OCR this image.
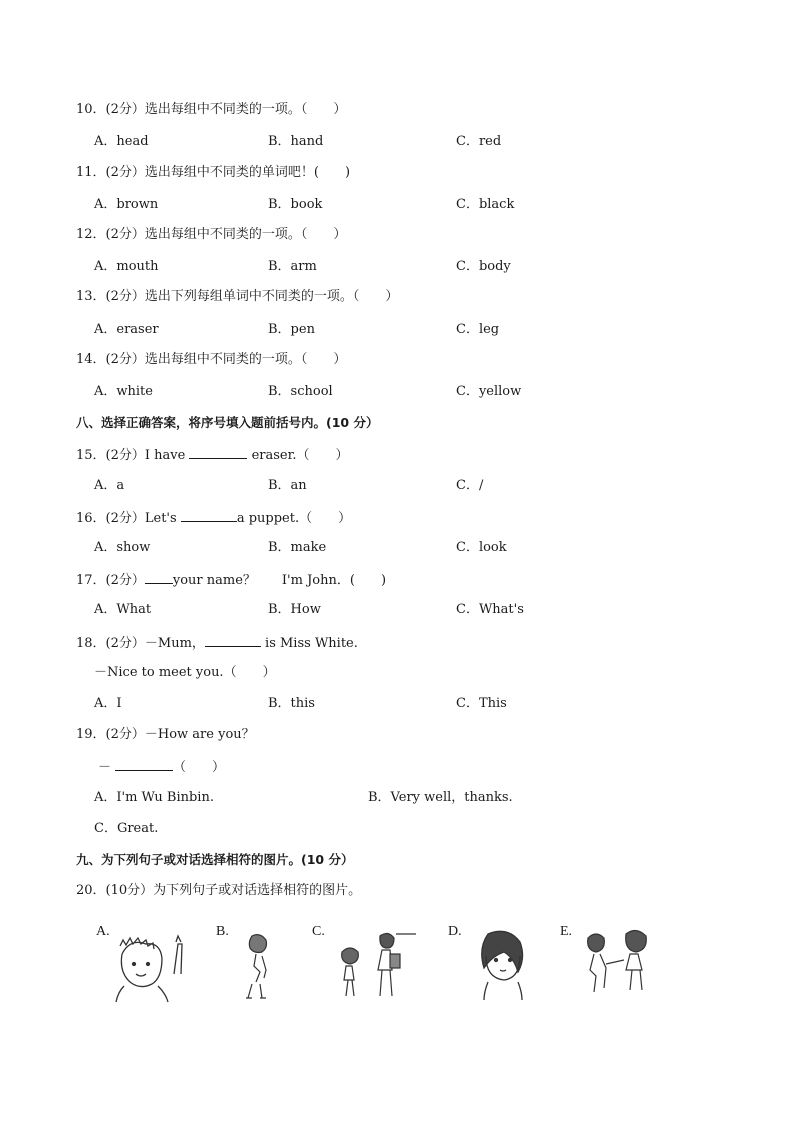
10．(2分）选出每组中不同类的一项。（　　）
A．head	B．hand	C．red
11．(2分）选出每组中不同类的单词吧！(　　)
A．brown	B．book	C．black
12．(2分）选出每组中不同类的一项。（　　）
A．mouth	B．arm	C．body
13．(2分）选出下列每组单词中不同类的一项。（　　）
A．eraser	B．pen	C．leg
14．(2分）选出每组中不同类的一项。（　　）
A．white	B．school	C．yellow
八、选择正确答案，将序号填入题前括号内。(10 分）
15．(2分）I have	eraser.（　　）
A．a	B．an	C．/
16．(2分）Let's	a puppet.（　　）
A．show	B．make	C．look
17．(2分） your name？　　I'm John．(　　)
A．What	B．How	C．What's
18．(2分）－Mum，	is Miss White.
－Nice to meet you.（　　）
A．I	B．this	C．This
19．(2分）－How are you？
－	（　　）
A．I'm Wu Binbin.	B．Very well，thanks.
C．Great.
九、为下列句子或对话选择相符的图片。(10 分）
20．(10分）为下列句子或对话选择相符的图片。
A.	B.	C.	D.	E.
